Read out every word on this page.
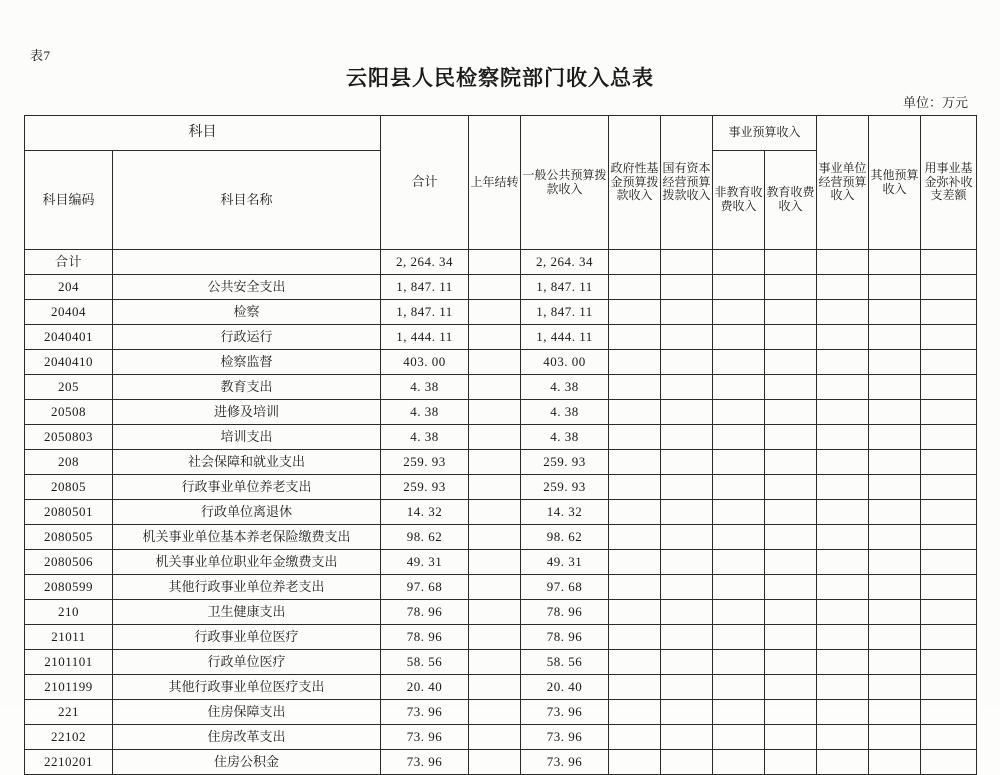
表7
云阳县人民检察院部门收入总表
单位：万元
科目		合计	上年结转	一般公共预算拨款收入	政府性基金预算拨款收入	国有资本经营预算拨款收入	事业预算收入		事业单位经营预算收入	其他预算收入	用事业基金弥补收支差额
科目编码	科目名称						非教育收费收入	教育收费收入			
合计		2, 264. 34		2, 264. 34							
204	公共安全支出	1, 847. 11		1, 847. 11							
20404	检察	1, 847. 11		1, 847. 11							
2040401	行政运行	1, 444. 11		1, 444. 11							
2040410	检察监督	403. 00		403. 00							
205	教育支出	4. 38		4. 38							
20508	进修及培训	4. 38		4. 38							
2050803	培训支出	4. 38		4. 38							
208	社会保障和就业支出	259. 93		259. 93							
20805	行政事业单位养老支出	259. 93		259. 93							
2080501	行政单位离退休	14. 32		14. 32							
2080505	机关事业单位基本养老保险缴费支出	98. 62		98. 62							
2080506	机关事业单位职业年金缴费支出	49. 31		49. 31							
2080599	其他行政事业单位养老支出	97. 68		97. 68							
210	卫生健康支出	78. 96		78. 96							
21011	行政事业单位医疗	78. 96		78. 96							
2101101	行政单位医疗	58. 56		58. 56							
2101199	其他行政事业单位医疗支出	20. 40		20. 40							
221	住房保障支出	73. 96		73. 96							
22102	住房改革支出	73. 96		73. 96							
2210201	住房公积金	73. 96		73. 96							
